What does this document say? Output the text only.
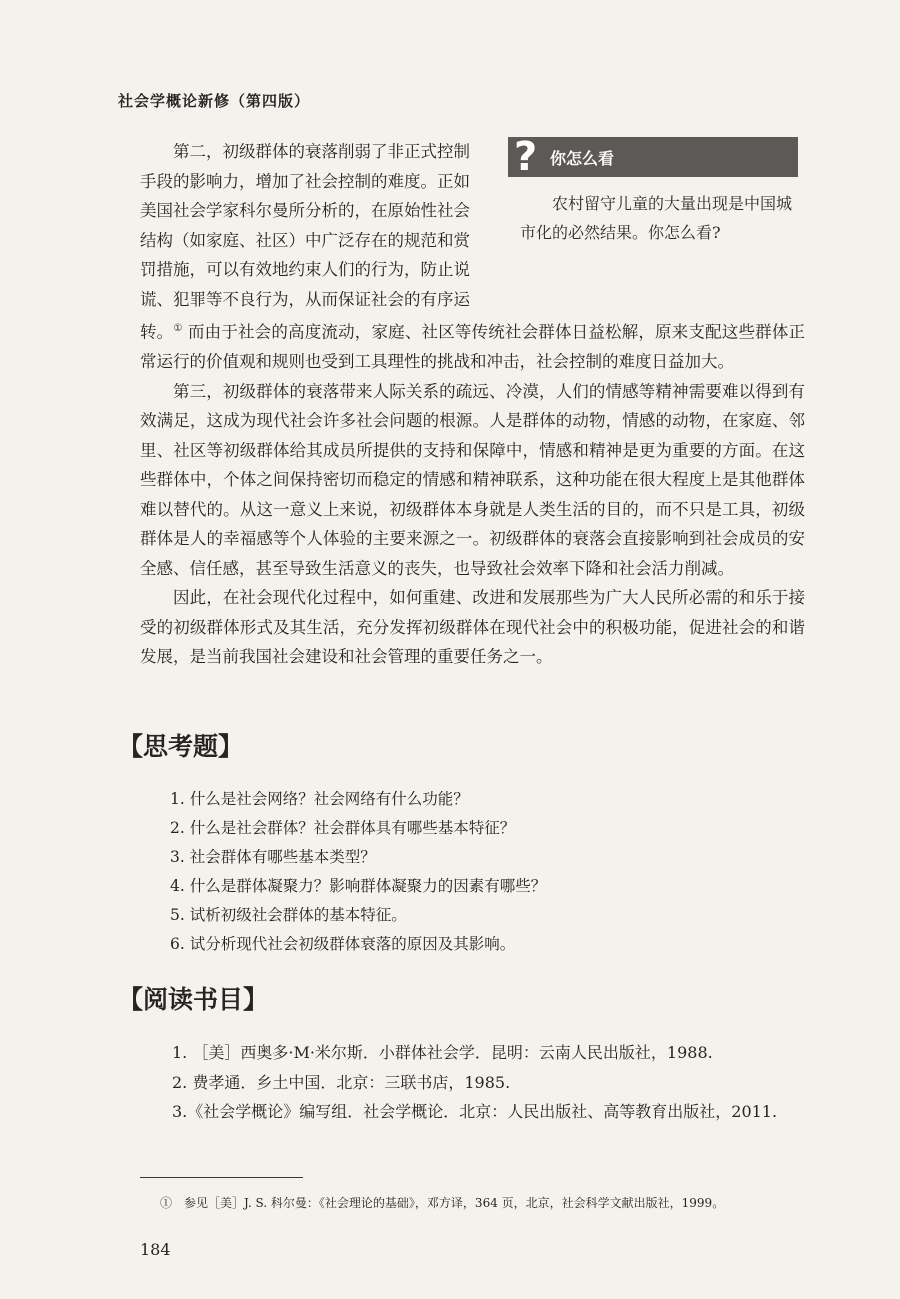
社会学概论新修（第四版）
? 你怎么看
农村留守儿童的大量出现是中国城市化的必然结果。你怎么看?
第二，初级群体的衰落削弱了非正式控制
手段的影响力，增加了社会控制的难度。正如
美国社会学家科尔曼所分析的，在原始性社会
结构（如家庭、社区）中广泛存在的规范和赏
罚措施，可以有效地约束人们的行为，防止说
谎、犯罪等不良行为，从而保证社会的有序运

转。① 而由于社会的高度流动，家庭、社区等传统社会群体日益松解，原来支配这些群体正常运行的价值观和规则也受到工具理性的挑战和冲击，社会控制的难度日益加大。

第三，初级群体的衰落带来人际关系的疏远、冷漠，人们的情感等精神需要难以得到有效满足，这成为现代社会许多社会问题的根源。人是群体的动物，情感的动物，在家庭、邻里、社区等初级群体给其成员所提供的支持和保障中，情感和精神是更为重要的方面。在这些群体中，个体之间保持密切而稳定的情感和精神联系，这种功能在很大程度上是其他群体难以替代的。从这一意义上来说，初级群体本身就是人类生活的目的，而不只是工具，初级群体是人的幸福感等个人体验的主要来源之一。初级群体的衰落会直接影响到社会成员的安全感、信任感，甚至导致生活意义的丧失，也导致社会效率下降和社会活力削减。

因此，在社会现代化过程中，如何重建、改进和发展那些为广大人民所必需的和乐于接受的初级群体形式及其生活，充分发挥初级群体在现代社会中的积极功能，促进社会的和谐发展，是当前我国社会建设和社会管理的重要任务之一。

【思考题】
1. 什么是社会网络？社会网络有什么功能？
2. 什么是社会群体？社会群体具有哪些基本特征？
3. 社会群体有哪些基本类型？
4. 什么是群体凝聚力？影响群体凝聚力的因素有哪些？
5. 试析初级社会群体的基本特征。
6. 试分析现代社会初级群体衰落的原因及其影响。
【阅读书目】
1. ［美］西奥多·M·米尔斯．小群体社会学．昆明：云南人民出版社，1988.
2. 费孝通．乡土中国．北京：三联书店，1985.
3.《社会学概论》编写组．社会学概论．北京：人民出版社、高等教育出版社，2011.
①　参见［美］J. S. 科尔曼：《社会理论的基础》，邓方译，364 页，北京，社会科学文献出版社，1999。
184
